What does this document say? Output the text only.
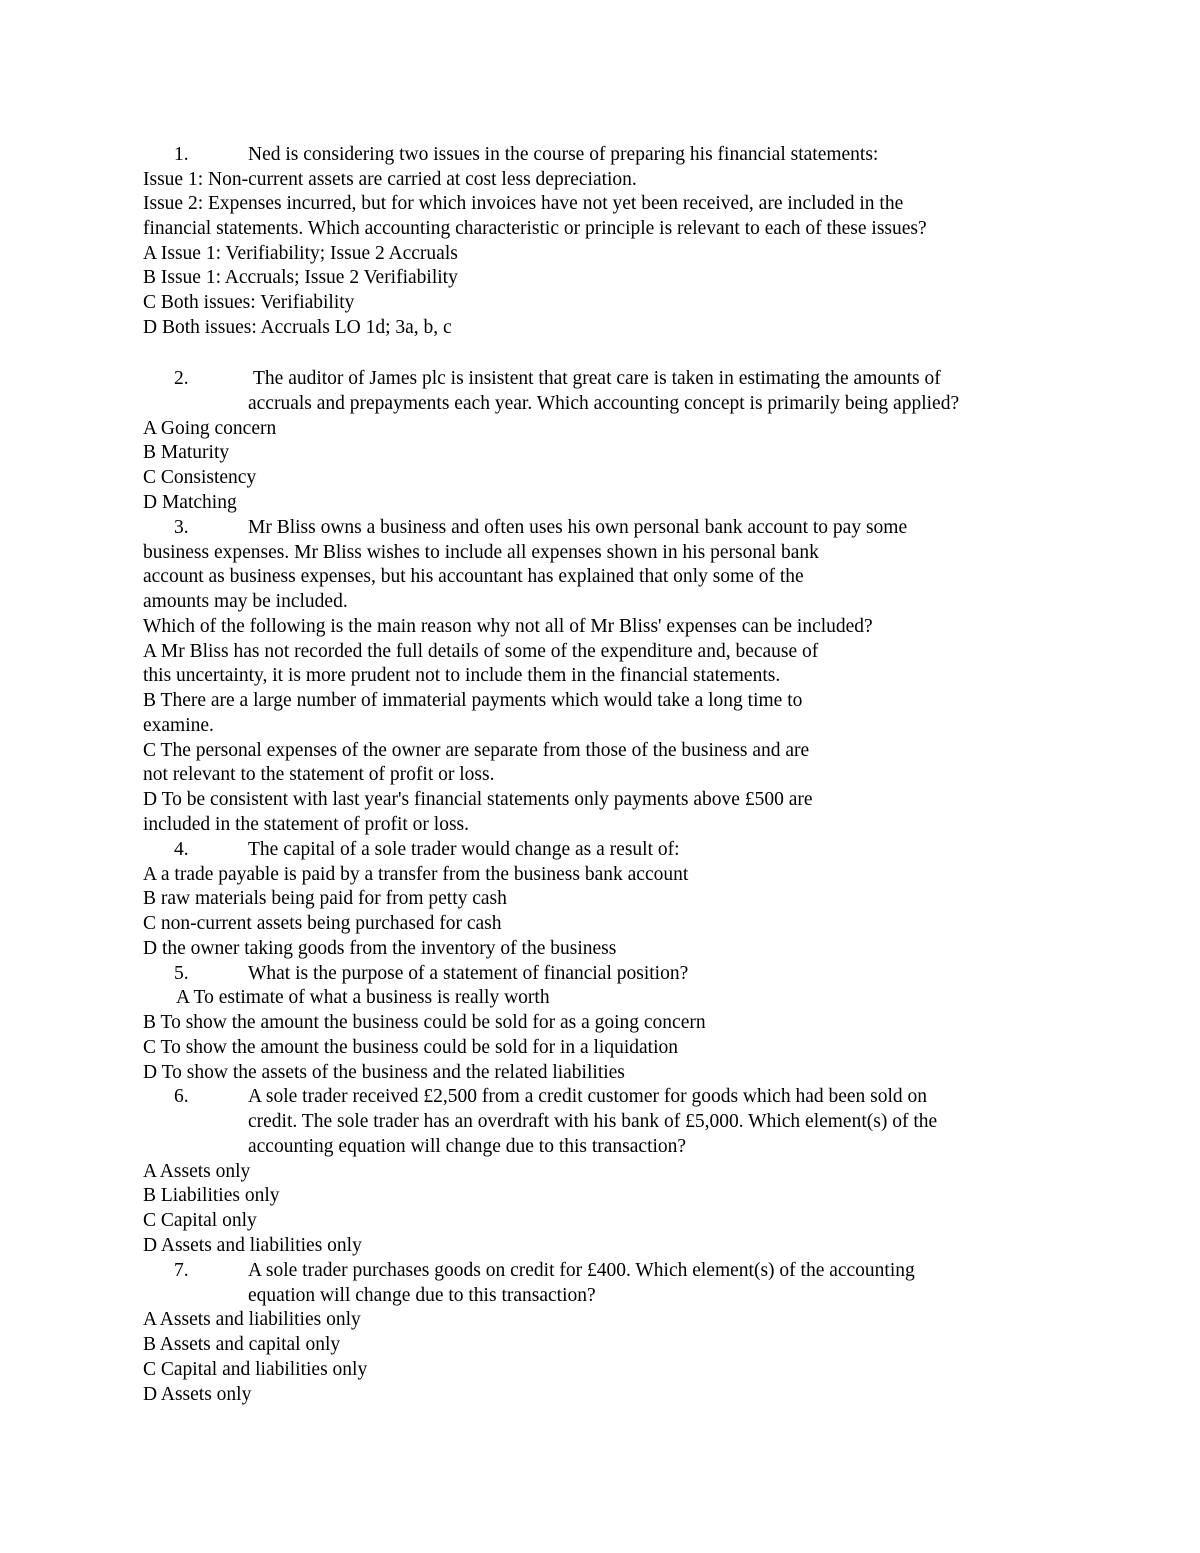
1.	Ned is considering two issues in the course of preparing his financial statements:
Issue 1: Non-current assets are carried at cost less depreciation.
Issue 2: Expenses incurred, but for which invoices have not yet been received, are included in the
financial statements. Which accounting characteristic or principle is relevant to each of these issues?
A Issue 1: Verifiability; Issue 2 Accruals
B Issue 1: Accruals; Issue 2 Verifiability
C Both issues: Verifiability
D Both issues: Accruals LO 1d; 3a, b, c
2.	The auditor of James plc is insistent that great care is taken in estimating the amounts of
accruals and prepayments each year. Which accounting concept is primarily being applied?
A Going concern
B Maturity
C Consistency
D Matching
3.	Mr Bliss owns a business and often uses his own personal bank account to pay some
business expenses. Mr Bliss wishes to include all expenses shown in his personal bank
account as business expenses, but his accountant has explained that only some of the
amounts may be included.
Which of the following is the main reason why not all of Mr Bliss' expenses can be included?
A Mr Bliss has not recorded the full details of some of the expenditure and, because of
this uncertainty, it is more prudent not to include them in the financial statements.
B There are a large number of immaterial payments which would take a long time to
examine.
C The personal expenses of the owner are separate from those of the business and are
not relevant to the statement of profit or loss.
D To be consistent with last year's financial statements only payments above £500 are
included in the statement of profit or loss.
4.	The capital of a sole trader would change as a result of:
A a trade payable is paid by a transfer from the business bank account
B raw materials being paid for from petty cash
C non-current assets being purchased for cash
D the owner taking goods from the inventory of the business
5.	What is the purpose of a statement of financial position?
A To estimate of what a business is really worth
B To show the amount the business could be sold for as a going concern
C To show the amount the business could be sold for in a liquidation
D To show the assets of the business and the related liabilities
6.	A sole trader received £2,500 from a credit customer for goods which had been sold on
credit. The sole trader has an overdraft with his bank of £5,000. Which element(s) of the
accounting equation will change due to this transaction?
A Assets only
B Liabilities only
C Capital only
D Assets and liabilities only
7.	A sole trader purchases goods on credit for £400. Which element(s) of the accounting
equation will change due to this transaction?
A Assets and liabilities only
B Assets and capital only
C Capital and liabilities only
D Assets only
